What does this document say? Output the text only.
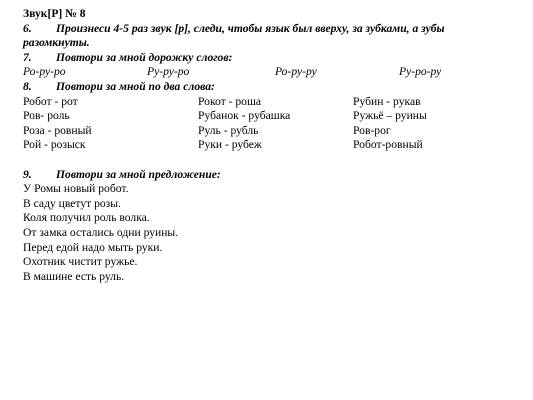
Звук[Р] № 8
6. Произнеси 4-5 раз звук [р], следи, чтобы язык был вверху, за зубками, а зубы
разомкнуты.
7. Повтори за мной дорожку слогов:
Ро-ру-ро	Ру-ру-ро	Ро-ру-ру	Ру-ро-ру
8. Повтори за мной по два слова:
Робот - рот	Рокот - роша	Рубин - рукав
Ров- роль	Рубанок - рубашка	Ружьё – руины
Роза - ровный	Руль - рубль	Ров-рог
Рой - розыск	Руки - рубеж	Робот-ровный
9. Повтори за мной предложение:
У Ромы новый робот.
В саду цветут розы.
Коля получил роль волка.
От замка остались одни руины.
Перед едой надо мыть руки.
Охотник чистит ружье.
В машине есть руль.
